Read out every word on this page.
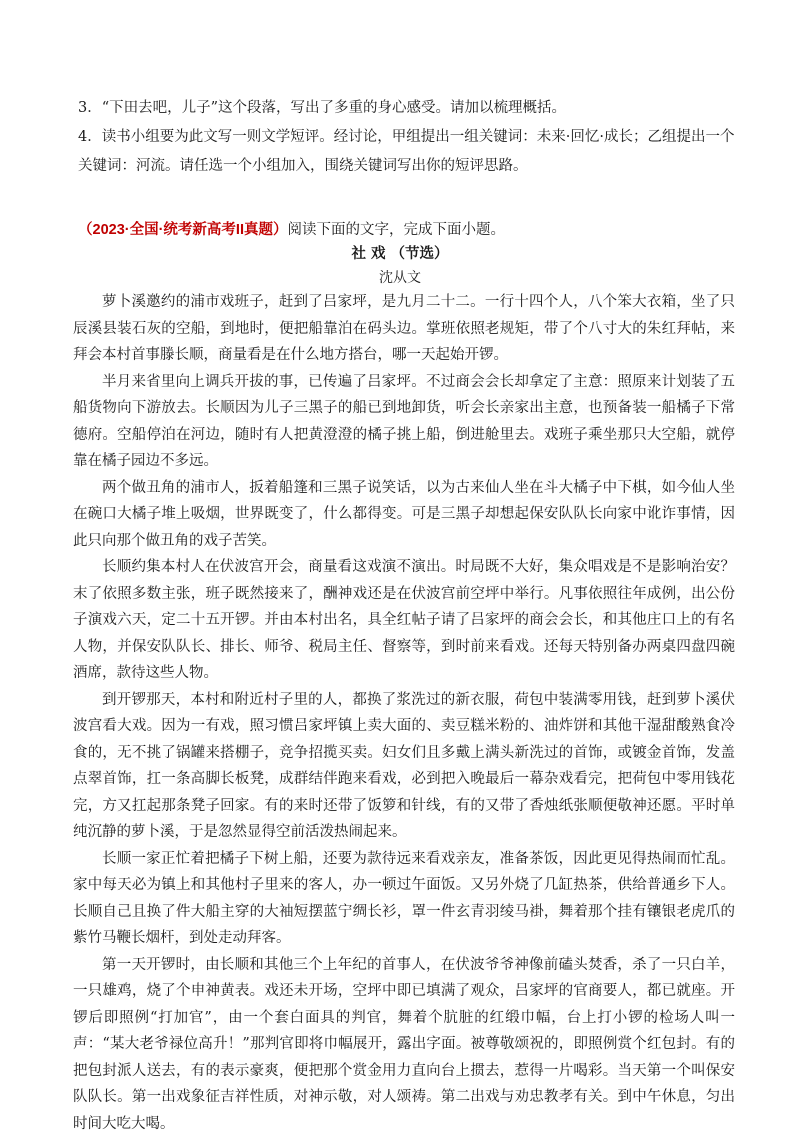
3．“下田去吧，儿子”这个段落，写出了多重的身心感受。请加以梳理概括。

4．读书小组要为此文写一则文学短评。经讨论，甲组提出一组关键词：未来·回忆·成长；乙组提出一个关键词：河流。请任选一个小组加入，围绕关键词写出你的短评思路。

（2023·全国·统考新高考II真题）阅读下面的文字，完成下面小题。

社 戏 （节选）

沈从文

萝卜溪邀约的浦市戏班子，赶到了吕家坪，是九月二十二。一行十四个人，八个笨大衣箱，坐了只辰溪县装石灰的空船，到地时，便把船靠泊在码头边。掌班依照老规矩，带了个八寸大的朱红拜帖，来拜会本村首事滕长顺，商量看是在什么地方搭台，哪一天起始开锣。

半月来省里向上调兵开拔的事，已传遍了吕家坪。不过商会会长却拿定了主意：照原来计划装了五船货物向下游放去。长顺因为儿子三黑子的船已到地卸货，听会长亲家出主意，也预备装一船橘子下常德府。空船停泊在河边，随时有人把黄澄澄的橘子挑上船，倒进舱里去。戏班子乘坐那只大空船，就停靠在橘子园边不多远。

两个做丑角的浦市人，扳着船篷和三黑子说笑话，以为古来仙人坐在斗大橘子中下棋，如今仙人坐在碗口大橘子堆上吸烟，世界既变了，什么都得变。可是三黑子却想起保安队队长向家中讹诈事情，因此只向那个做丑角的戏子苦笑。

长顺约集本村人在伏波宫开会，商量看这戏演不演出。时局既不大好，集众唱戏是不是影响治安？末了依照多数主张，班子既然接来了，酬神戏还是在伏波宫前空坪中举行。凡事依照往年成例，出公份子演戏六天，定二十五开锣。并由本村出名，具全红帖子请了吕家坪的商会会长，和其他庄口上的有名人物，并保安队队长、排长、师爷、税局主任、督察等，到时前来看戏。还每天特别备办两桌四盘四碗酒席，款待这些人物。

到开锣那天，本村和附近村子里的人，都换了浆洗过的新衣服，荷包中装满零用钱，赶到萝卜溪伏波宫看大戏。因为一有戏，照习惯吕家坪镇上卖大面的、卖豆糕米粉的、油炸饼和其他干湿甜酸熟食冷食的，无不挑了锅罐来搭棚子，竞争招揽买卖。妇女们且多戴上满头新洗过的首饰，或镀金首饰，发盖点翠首饰，扛一条高脚长板凳，成群结伴跑来看戏，必到把入晚最后一幕杂戏看完，把荷包中零用钱花完，方又扛起那条凳子回家。有的来时还带了饭箩和针线，有的又带了香烛纸张顺便敬神还愿。平时单纯沉静的萝卜溪，于是忽然显得空前活泼热闹起来。

长顺一家正忙着把橘子下树上船，还要为款待远来看戏亲友，准备茶饭，因此更见得热闹而忙乱。家中每天必为镇上和其他村子里来的客人，办一顿过午面饭。又另外烧了几缸热茶，供给普通乡下人。长顺自己且换了件大船主穿的大袖短摆蓝宁绸长衫，罩一件玄青羽绫马褂，舞着那个挂有镶银老虎爪的紫竹马鞭长烟杆，到处走动拜客。

第一天开锣时，由长顺和其他三个上年纪的首事人，在伏波爷爷神像前磕头焚香，杀了一只白羊，一只雄鸡，烧了个申神黄表。戏还未开场，空坪中即已填满了观众，吕家坪的官商要人，都已就座。开锣后即照例“打加官”，由一个套白面具的判官，舞着个肮脏的红缎巾幅，台上打小锣的检场人叫一声：“某大老爷禄位高升！”那判官即将巾幅展开，露出字面。被尊敬颂祝的，即照例赏个红包封。有的把包封派人送去，有的表示豪爽，便把那个赏金用力直向台上掼去，惹得一片喝彩。当天第一个叫保安队队长。第一出戏象征吉祥性质，对神示敬，对人颂祷。第二出戏与劝忠教孝有关。到中午休息，匀出时间大吃大喝。
